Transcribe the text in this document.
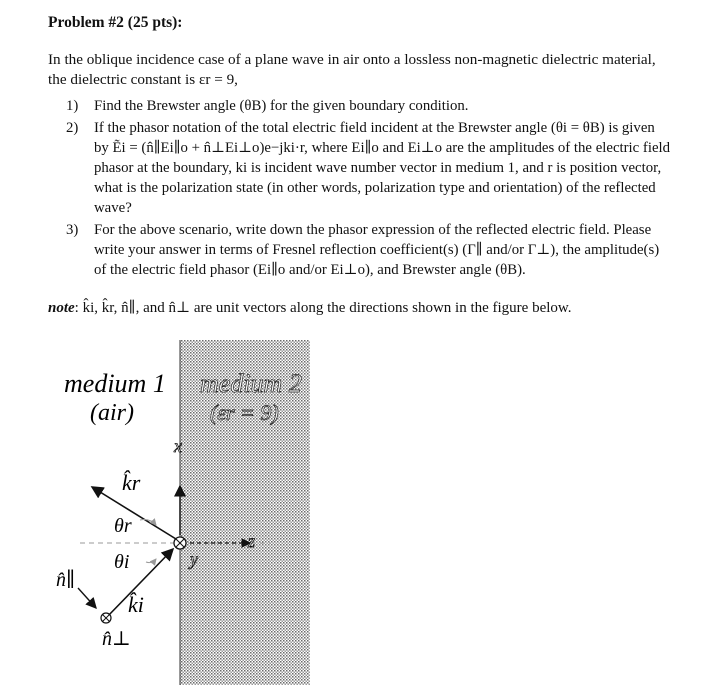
Problem #2 (25 pts):
In the oblique incidence case of a plane wave in air onto a lossless non-magnetic dielectric material, the dielectric constant is εr = 9,
1) Find the Brewster angle (θB) for the given boundary condition.
2) If the phasor notation of the total electric field incident at the Brewster angle (θi = θB) is given by Ẽi = (n̂∥Ei∥o + n̂⊥Ei⊥o)e−jki·r, where Ei∥o and Ei⊥o are the amplitudes of the electric field phasor at the boundary, ki is incident wave number vector in medium 1, and r is position vector, what is the polarization state (in other words, polarization type and orientation) of the reflected wave?
3) For the above scenario, write down the phasor expression of the reflected electric field. Please write your answer in terms of Fresnel reflection coefficient(s) (Γ∥ and/or Γ⊥), the amplitude(s) of the electric field phasor (Ei∥o and/or Ei⊥o), and Brewster angle (θB).
note: k̂i, k̂r, n̂∥, and n̂⊥ are unit vectors along the directions shown in the figure below.
medium 1
(air)
medium 2
(εr = 9)
x
z
y
k̂r
k̂i
θr
θi
n̂∥
n̂⊥
